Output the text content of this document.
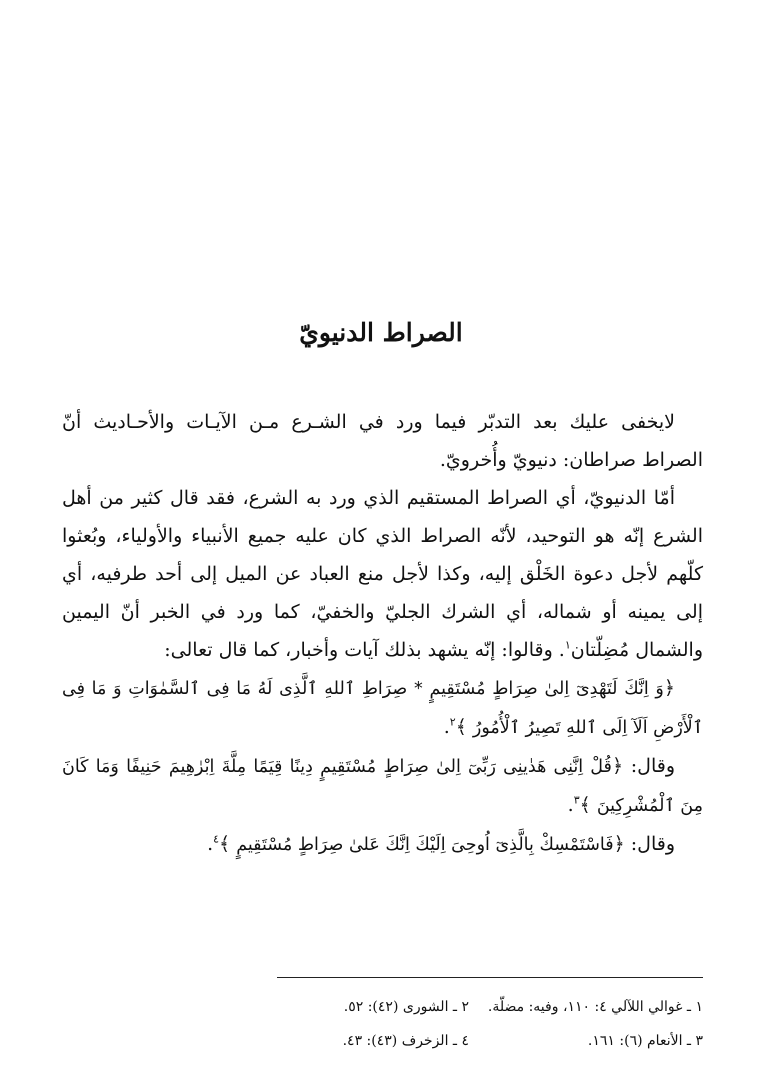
الصراط الدنيويّ

لايخفى عليك بعد التدبّر فيما ورد في الشـرع مـن الآيـات والأحـاديث أنّ الصراط صراطان: دنيويّ وأُخرويّ.

أمّا الدنيويّ، أي الصراط المستقيم الذي ورد به الشرع، فقد قال كثير من أهل الشرع إنّه هو التوحيد، لأنّه الصراط الذي كان عليه جميع الأنبياء والأولياء، وبُعثوا كلّهم لأجل دعوة الخَلْق إليه، وكذا لأجل منع العباد عن الميل إلى أحد طرفيه، أي إلى يمينه أو شماله، أي الشرك الجليّ والخفيّ، كما ورد في الخبر أنّ اليمين والشمال مُضِلّتان$^١$. وقالوا: إنّه يشهد بذلك آيات وأخبار، كما قال تعالى:

﴿وَ اِنَّكَ لَتَهْدِىٓ اِلىٰ صِرَاطٍ مُسْتَقِيمٍ * صِرَاطِ ٱللهِ ٱلَّذِى لَهُ مَا فِى ٱلسَّمٰوَاتِ وَ مَا فِى ٱلْأَرْضِ اَلَآ اِلَى ٱللهِ تَصِيرُ ٱلْأُمُورُ ﴾$^٢$.

وقال: ﴿قُلْ اِنَّنِى هَدٰينِى رَبِّىٓ اِلىٰ صِرَاطٍ مُسْتَقِيمٍ دِينًا قِيَمًا مِلَّةَ اِبْرٰهِيمَ حَنِيفًا وَمَا كَانَ مِنَ ٱلْمُشْرِكِينَ ﴾$^٣$.

وقال: ﴿فَاسْتَمْسِكْ بِالَّذِىٓ اُوحِىَ اِلَيْكَ اِنَّكَ عَلىٰ صِرَاطٍ مُسْتَقِيمٍ ﴾$^٤$.

١ ـ غوالي اللآلي ٤: ١١٠، وفيه: مضلّة.
٢ ـ الشورى (٤٢): ٥٢.
٣ ـ الأنعام (٦): ١٦١.
٤ ـ الزخرف (٤٣): ٤٣.
